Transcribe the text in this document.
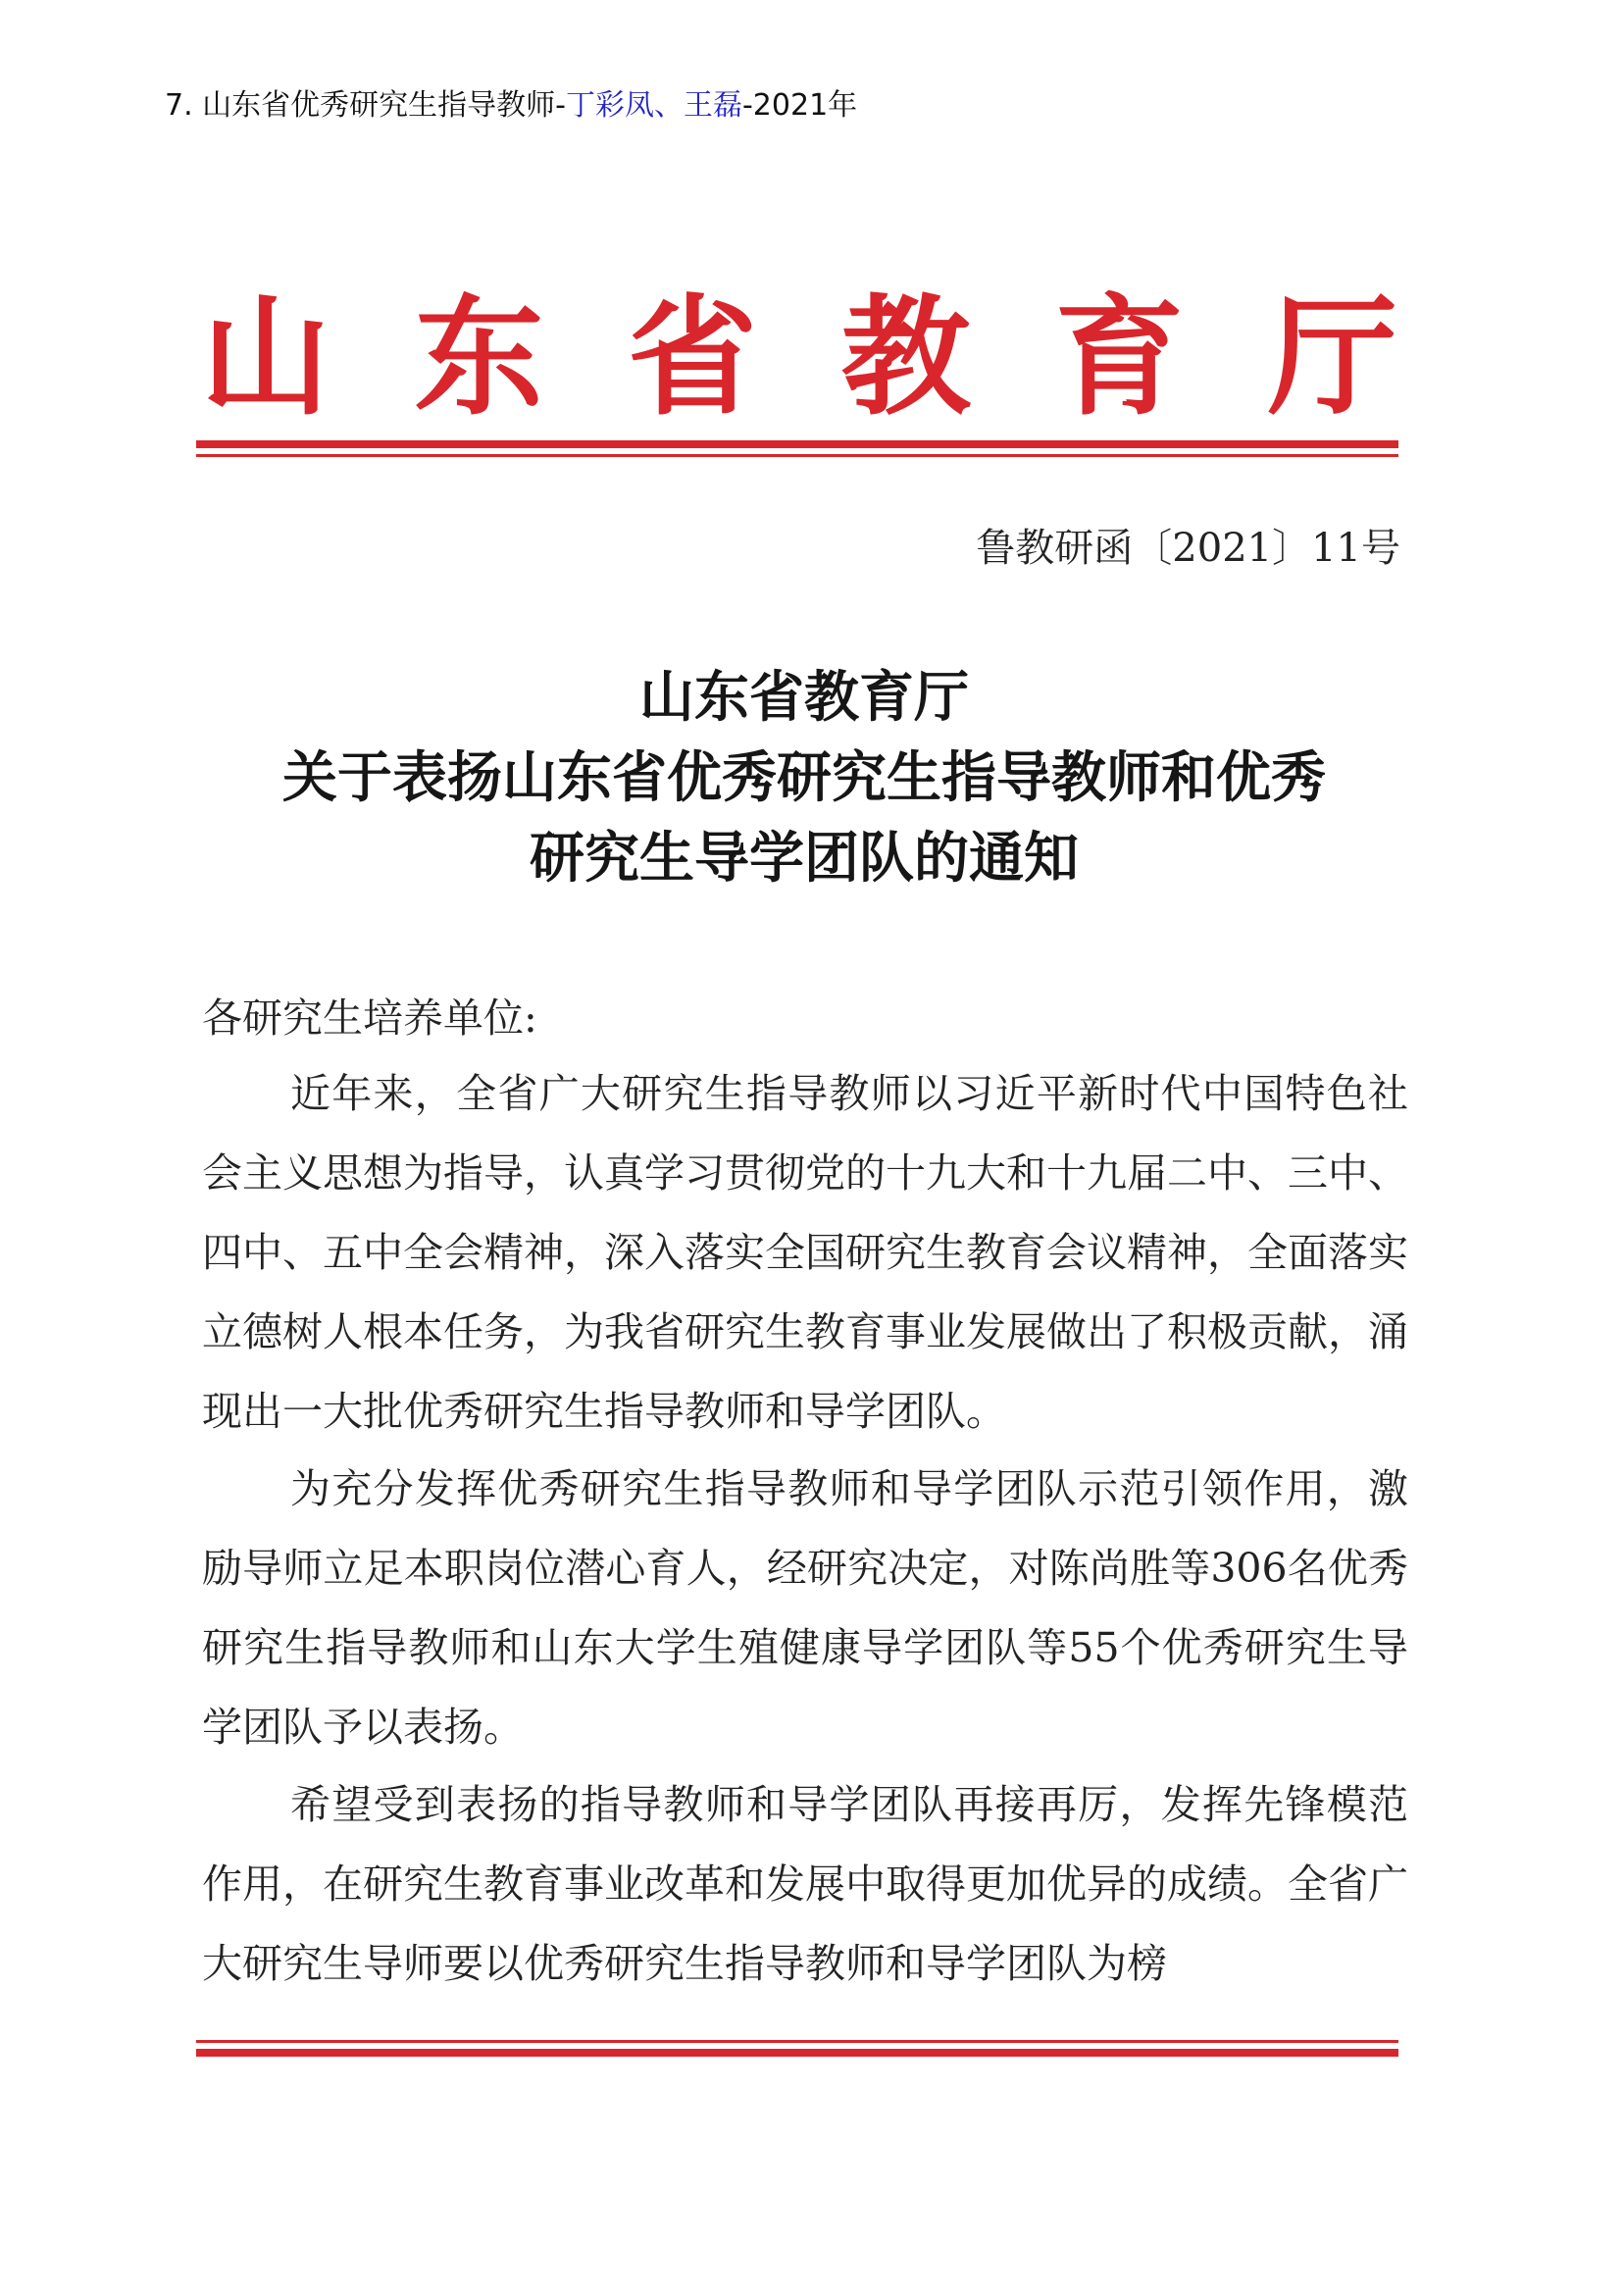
7. 山东省优秀研究生指导教师-丁彩凤、王磊-2021年
山 东 省 教 育 厅
鲁教研函〔2021〕11号
山东省教育厅
关于表扬山东省优秀研究生指导教师和优秀
研究生导学团队的通知
各研究生培养单位:
近年来，全省广大研究生指导教师以习近平新时代中国特色社会主义思想为指导，认真学习贯彻党的十九大和十九届二中、三中、四中、五中全会精神，深入落实全国研究生教育会议精神，全面落实立德树人根本任务，为我省研究生教育事业发展做出了积极贡献，涌现出一大批优秀研究生指导教师和导学团队。
为充分发挥优秀研究生指导教师和导学团队示范引领作用，激励导师立足本职岗位潜心育人，经研究决定，对陈尚胜等306名优秀研究生指导教师和山东大学生殖健康导学团队等55个优秀研究生导学团队予以表扬。
希望受到表扬的指导教师和导学团队再接再厉，发挥先锋模范作用，在研究生教育事业改革和发展中取得更加优异的成绩。全省广大研究生导师要以优秀研究生指导教师和导学团队为榜
